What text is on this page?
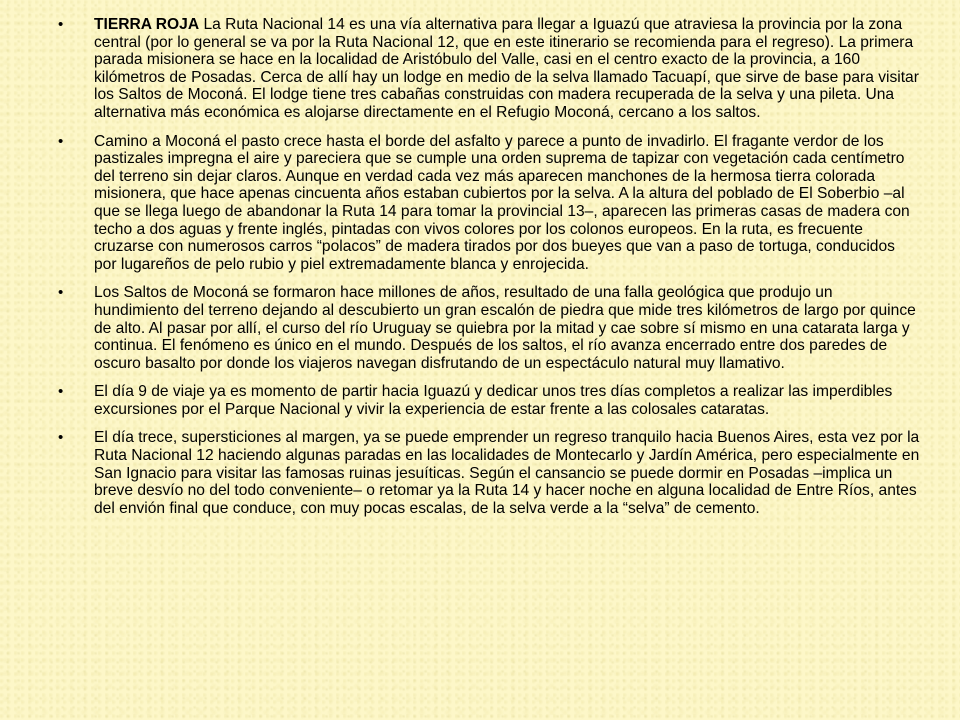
• TIERRA ROJA La Ruta Nacional 14 es una vía alternativa para llegar a Iguazú que atraviesa la provincia por la zona central (por lo general se va por la Ruta Nacional 12, que en este itinerario se recomienda para el regreso). La primera parada misionera se hace en la localidad de Aristóbulo del Valle, casi en el centro exacto de la provincia, a 160 kilómetros de Posadas. Cerca de allí hay un lodge en medio de la selva llamado Tacuapí, que sirve de base para visitar los Saltos de Moconá. El lodge tiene tres cabañas construidas con madera recuperada de la selva y una pileta. Una alternativa más económica es alojarse directamente en el Refugio Moconá, cercano a los saltos.
• Camino a Moconá el pasto crece hasta el borde del asfalto y parece a punto de invadirlo. El fragante verdor de los pastizales impregna el aire y pareciera que se cumple una orden suprema de tapizar con vegetación cada centímetro del terreno sin dejar claros. Aunque en verdad cada vez más aparecen manchones de la hermosa tierra colorada misionera, que hace apenas cincuenta años estaban cubiertos por la selva. A la altura del poblado de El Soberbio –al que se llega luego de abandonar la Ruta 14 para tomar la provincial 13–, aparecen las primeras casas de madera con techo a dos aguas y frente inglés, pintadas con vivos colores por los colonos europeos. En la ruta, es frecuente cruzarse con numerosos carros “polacos” de madera tirados por dos bueyes que van a paso de tortuga, conducidos por lugareños de pelo rubio y piel extremadamente blanca y enrojecida.
• Los Saltos de Moconá se formaron hace millones de años, resultado de una falla geológica que produjo un hundimiento del terreno dejando al descubierto un gran escalón de piedra que mide tres kilómetros de largo por quince de alto. Al pasar por allí, el curso del río Uruguay se quiebra por la mitad y cae sobre sí mismo en una catarata larga y continua. El fenómeno es único en el mundo. Después de los saltos, el río avanza encerrado entre dos paredes de oscuro basalto por donde los viajeros navegan disfrutando de un espectáculo natural muy llamativo.
• El día 9 de viaje ya es momento de partir hacia Iguazú y dedicar unos tres días completos a realizar las imperdibles excursiones por el Parque Nacional y vivir la experiencia de estar frente a las colosales cataratas.
• El día trece, supersticiones al margen, ya se puede emprender un regreso tranquilo hacia Buenos Aires, esta vez por la Ruta Nacional 12 haciendo algunas paradas en las localidades de Montecarlo y Jardín América, pero especialmente en San Ignacio para visitar las famosas ruinas jesuíticas. Según el cansancio se puede dormir en Posadas –implica un breve desvío no del todo conveniente– o retomar ya la Ruta 14 y hacer noche en alguna localidad de Entre Ríos, antes del envión final que conduce, con muy pocas escalas, de la selva verde a la “selva” de cemento.
